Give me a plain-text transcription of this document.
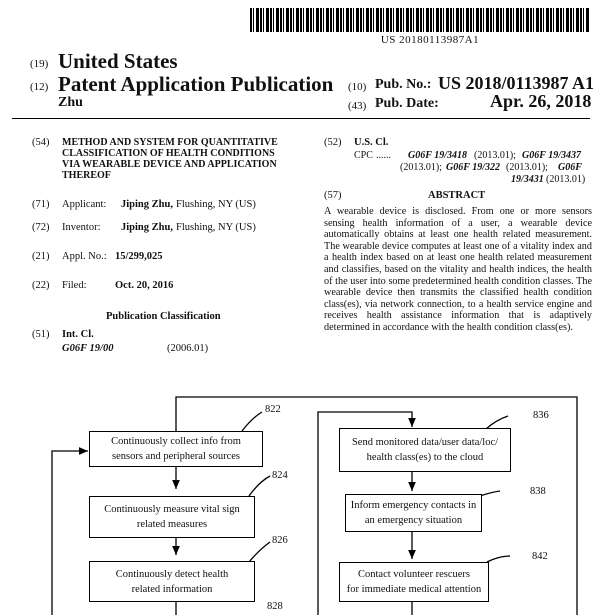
US 20180113987A1
(19) United States
(12) Patent Application Publication
Zhu
(10) Pub. No.: US 2018/0113987 A1
(43) Pub. Date:	Apr. 26, 2018
(54) METHOD AND SYSTEM FOR QUANTITATIVE CLASSIFICATION OF HEALTH CONDITIONS VIA WEARABLE DEVICE AND APPLICATION THEREOF
(71) Applicant: Jiping Zhu, Flushing, NY (US)
(72) Inventor: Jiping Zhu, Flushing, NY (US)
(21) Appl. No.: 15/299,025
(22) Filed:	Oct. 20, 2016
Publication Classification
(51) Int. Cl.
G06F 19/00	(2006.01)
(52) U.S. Cl.
CPC ...... G06F 19/3418 (2013.01); G06F 19/3437
(2013.01); G06F 19/322 (2013.01); G06F
19/3431 (2013.01)
(57)	ABSTRACT
A wearable device is disclosed. From one or more sensors sensing health information of a user, a wearable device automatically obtains at least one health related measurement. The wearable device computes at least one of a vitality index and a health index based on at least one health related measurement and classifies, based on the vitality and health indices, the health of the user into some predetermined health condition classes. The wearable device then transmits the classified health condition class(es), via network connection, to a health service engine and receives health assistance information that is adaptively determined in accordance with the health condition class(es).
Continuously collect info from
sensors and peripheral sources
822
Continuously measure vital sign
related measures
824
Continuously detect health
related information
826
828
Send monitored data/user data/loc/
health class(es) to the cloud
836
Inform emergency contacts in
an emergency situation
838
Contact volunteer rescuers
for immediate medical attention
842
